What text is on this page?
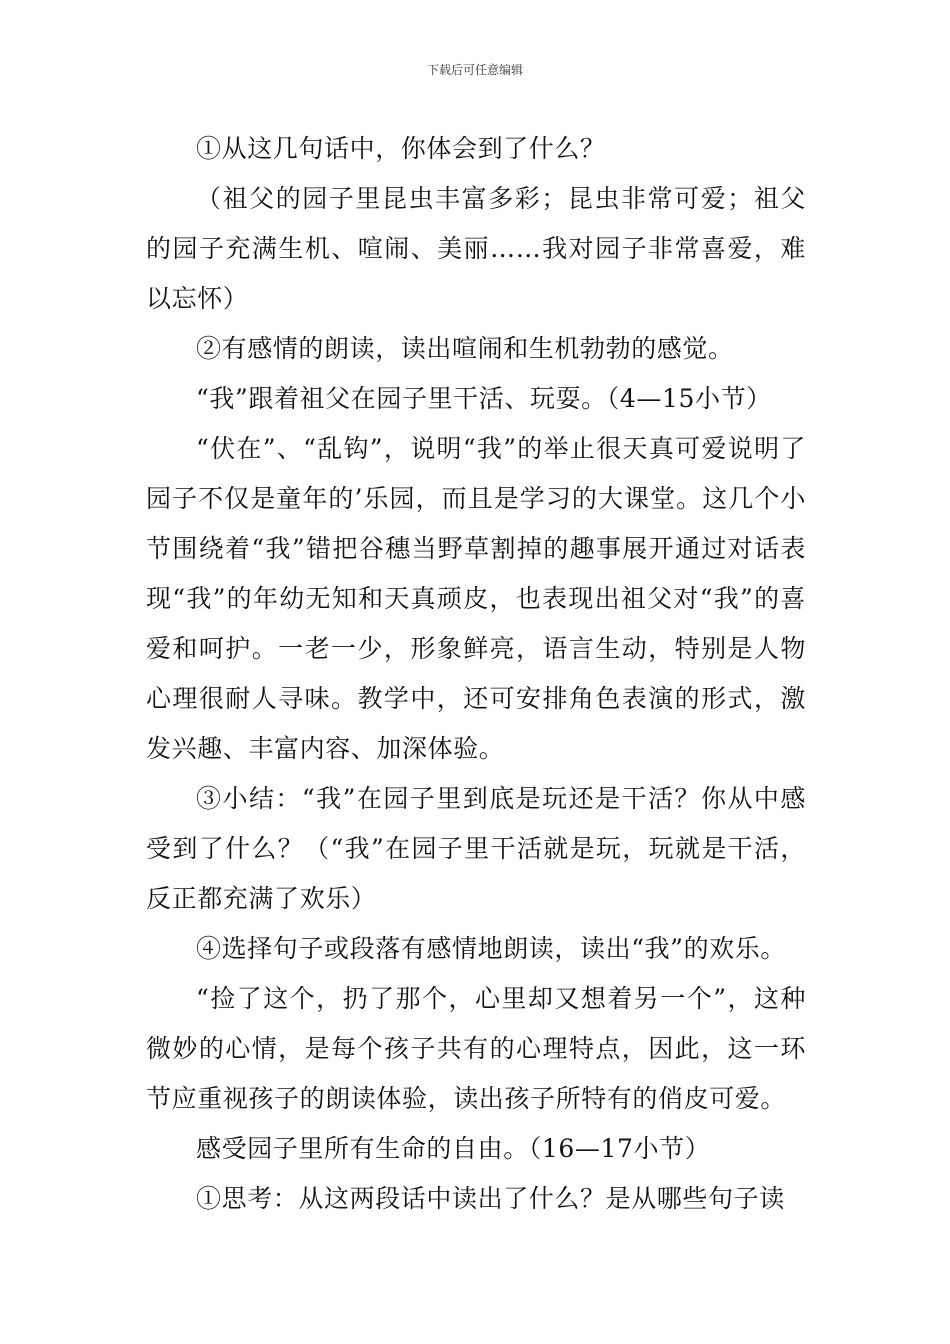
下载后可任意编辑

①从这几句话中，你体会到了什么？

（祖父的园子里昆虫丰富多彩；昆虫非常可爱；祖父的园子充满生机、喧闹、美丽……我对园子非常喜爱，难以忘怀）

②有感情的朗读，读出喧闹和生机勃勃的感觉。

“我”跟着祖父在园子里干活、玩耍。（4—15小节）

“伏在”、“乱钩”，说明“我”的举止很天真可爱说明了园子不仅是童年的’乐园，而且是学习的大课堂。这几个小节围绕着“我”错把谷穗当野草割掉的趣事展开通过对话表现“我”的年幼无知和天真顽皮，也表现出祖父对“我”的喜爱和呵护。一老一少，形象鲜亮，语言生动，特别是人物心理很耐人寻味。教学中，还可安排角色表演的形式，激发兴趣、丰富内容、加深体验。

③小结：“我”在园子里到底是玩还是干活？你从中感受到了什么？（“我”在园子里干活就是玩，玩就是干活，反正都充满了欢乐）

④选择句子或段落有感情地朗读，读出“我”的欢乐。

“捡了这个，扔了那个，心里却又想着另一个”，这种微妙的心情，是每个孩子共有的心理特点，因此，这一环节应重视孩子的朗读体验，读出孩子所特有的俏皮可爱。

感受园子里所有生命的自由。（16—17小节）

①思考：从这两段话中读出了什么？是从哪些句子读
